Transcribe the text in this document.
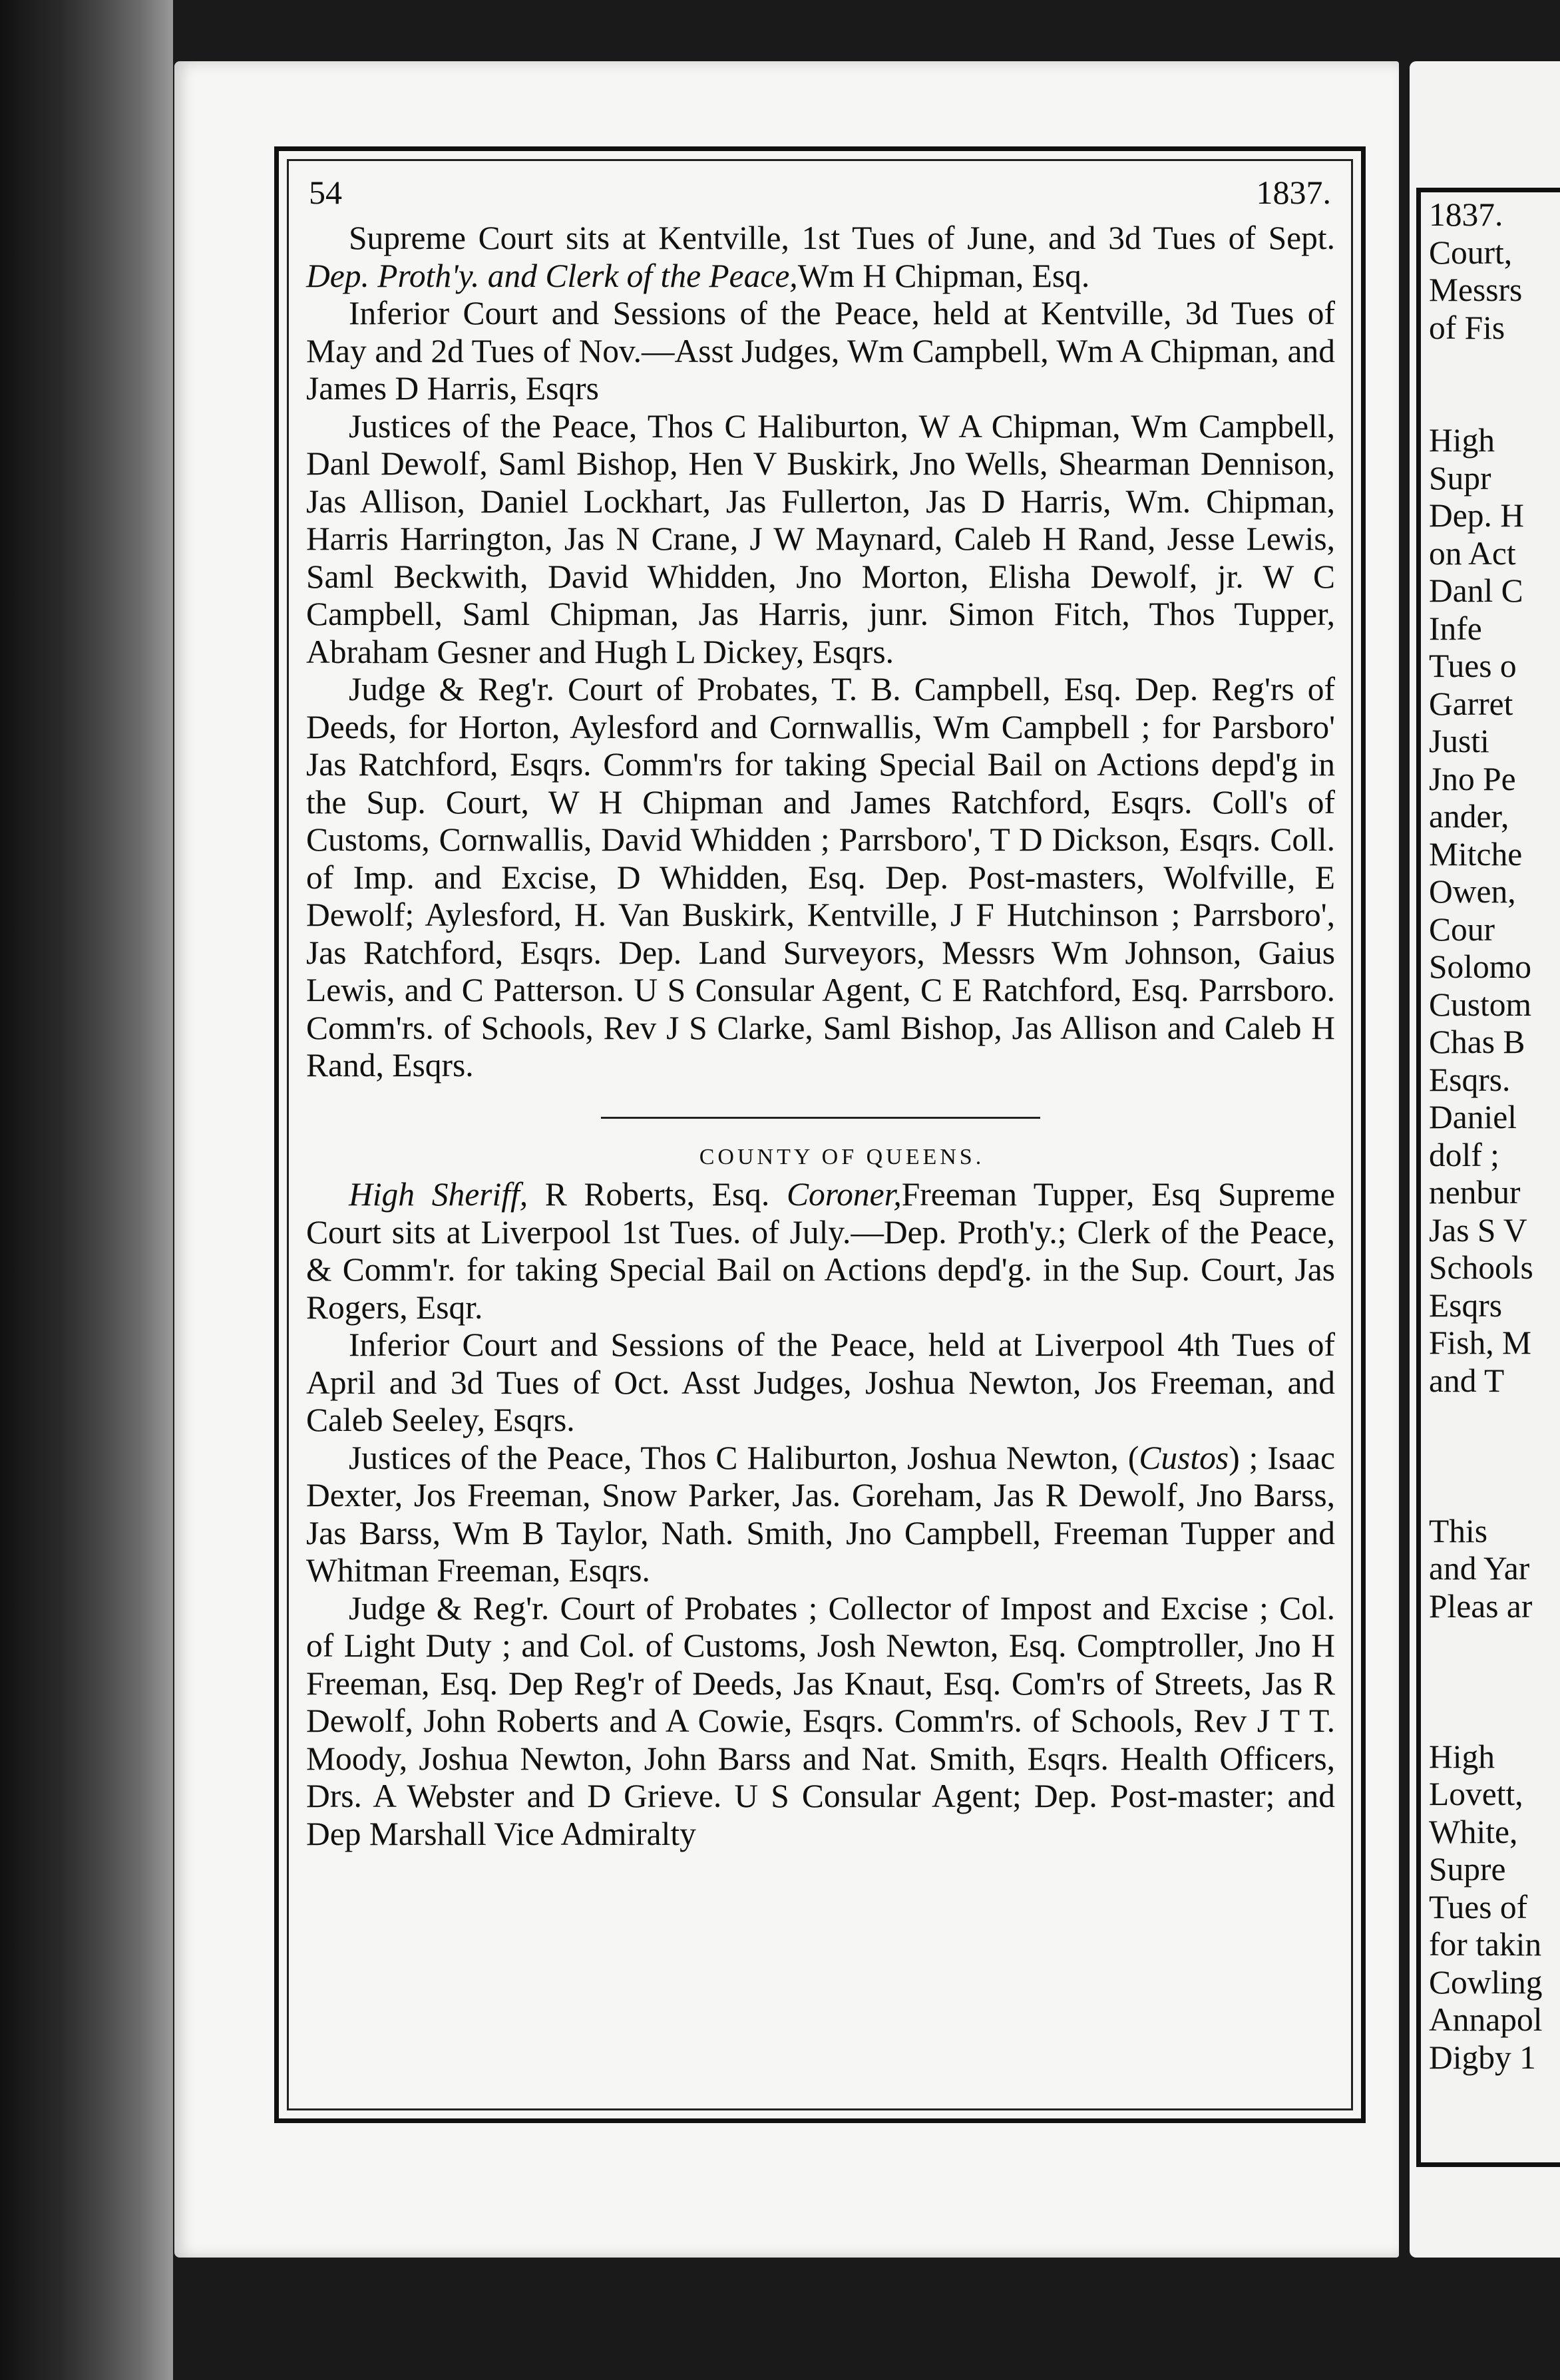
54	1837.

Supreme Court sits at Kentville, 1st Tues of June, and 3d Tues of Sept. Dep. Proth'y. and Clerk of the Peace,Wm H Chipman, Esq.

Inferior Court and Sessions of the Peace, held at Kentville, 3d Tues of May and 2d Tues of Nov.—Asst Judges, Wm Campbell, Wm A Chipman, and James D Harris, Esqrs

Justices of the Peace, Thos C Haliburton, W A Chipman, Wm Campbell, Danl Dewolf, Saml Bishop, Hen V Buskirk, Jno Wells, Shearman Dennison, Jas Allison, Daniel Lockhart, Jas Fullerton, Jas D Harris, Wm. Chipman, Harris Harrington, Jas N Crane, J W Maynard, Caleb H Rand, Jesse Lewis, Saml Beckwith, David Whidden, Jno Morton, Elisha Dewolf, jr. W C Campbell, Saml Chipman, Jas Harris, junr. Simon Fitch, Thos Tupper, Abraham Gesner and Hugh L Dickey, Esqrs.

Judge & Reg'r. Court of Probates, T. B. Campbell, Esq. Dep. Reg'rs of Deeds, for Horton, Aylesford and Cornwallis, Wm Campbell ; for Parsboro' Jas Ratchford, Esqrs. Comm'rs for taking Special Bail on Actions depd'g in the Sup. Court, W H Chipman and James Ratchford, Esqrs. Coll's of Customs, Cornwallis, David Whidden ; Parrsboro', T D Dickson, Esqrs. Coll. of Imp. and Excise, D Whidden, Esq. Dep. Post-masters, Wolfville, E Dewolf; Aylesford, H. Van Buskirk, Kentville, J F Hutchinson ; Parrsboro', Jas Ratchford, Esqrs. Dep. Land Surveyors, Messrs Wm Johnson, Gaius Lewis, and C Patterson. U S Consular Agent, C E Ratchford, Esq. Parrsboro. Comm'rs. of Schools, Rev J S Clarke, Saml Bishop, Jas Allison and Caleb H Rand, Esqrs.

COUNTY OF QUEENS.

High Sheriff, R Roberts, Esq. Coroner,Freeman Tupper, Esq Supreme Court sits at Liverpool 1st Tues. of July.—Dep. Proth'y.; Clerk of the Peace, & Comm'r. for taking Special Bail on Actions depd'g. in the Sup. Court, Jas Rogers, Esqr.

Inferior Court and Sessions of the Peace, held at Liverpool 4th Tues of April and 3d Tues of Oct. Asst Judges, Joshua Newton, Jos Freeman, and Caleb Seeley, Esqrs.

Justices of the Peace, Thos C Haliburton, Joshua Newton, (Custos) ; Isaac Dexter, Jos Freeman, Snow Parker, Jas. Goreham, Jas R Dewolf, Jno Barss, Jas Barss, Wm B Taylor, Nath. Smith, Jno Campbell, Freeman Tupper and Whitman Freeman, Esqrs.

Judge & Reg'r. Court of Probates ; Collector of Impost and Excise ; Col. of Light Duty ; and Col. of Customs, Josh Newton, Esq. Comptroller, Jno H Freeman, Esq. Dep Reg'r of Deeds, Jas Knaut, Esq. Com'rs of Streets, Jas R Dewolf, John Roberts and A Cowie, Esqrs. Comm'rs. of Schools, Rev J T T. Moody, Joshua Newton, John Barss and Nat. Smith, Esqrs. Health Officers, Drs. A Webster and D Grieve. U S Consular Agent; Dep. Post-master; and Dep Marshall Vice Admiralty

1837.
Court,
Messrs
of Fis
High
Supr
Dep. H
on Act
Danl C
Infe
Tues o
Garret
Justi
Jno Pe
ander,
Mitche
Owen,
Cour
Solomo
Custom
Chas B
Esqrs.
Daniel
dolf ;
nenbur
Jas S V
Schools
Esqrs
Fish, M
and T
This
and Yar
Pleas ar
High
Lovett,
White,
Supre
Tues of
for takin
Cowling
Annapol
Digby 1
